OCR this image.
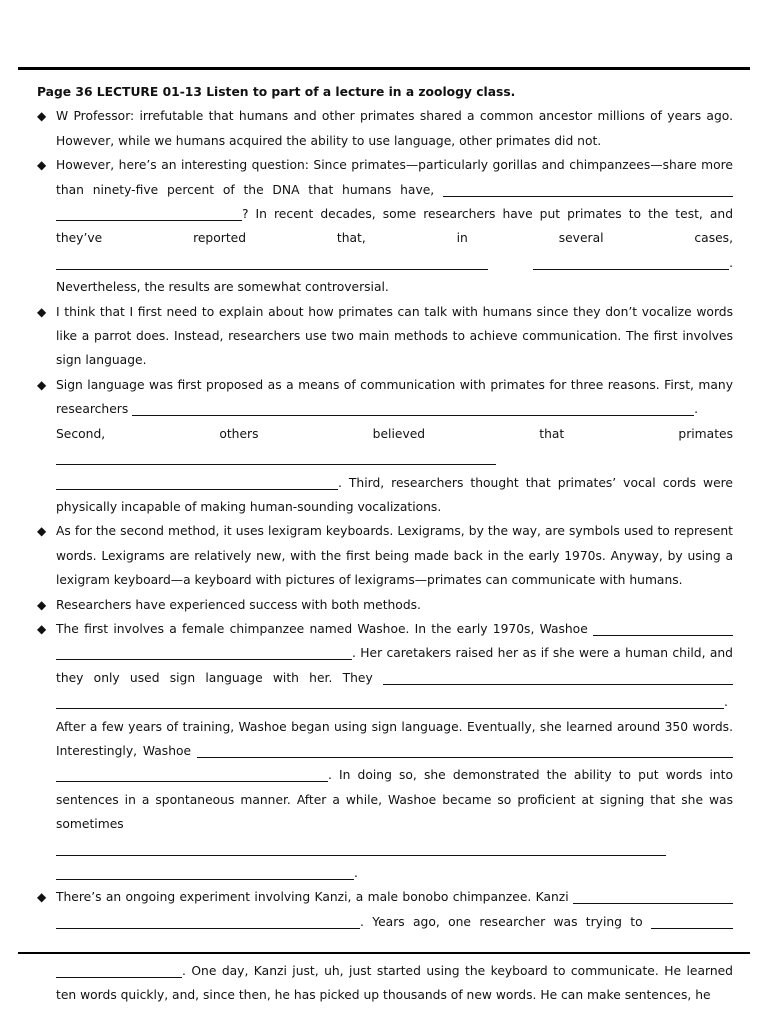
Page 36 LECTURE 01-13 Listen to part of a lecture in a zoology class.
◆ W Professor: irrefutable that humans and other primates shared a common ancestor millions of years ago. However, while we humans acquired the ability to use language, other primates did not.
◆ However, here’s an interesting question: Since primates—particularly gorillas and chimpanzees—share more than ninety-five percent of the DNA that humans have,  ? In recent decades, some researchers have put primates to the test, and they’ve reported that, in several cases,  . Nevertheless, the results are somewhat controversial.
◆ I think that I first need to explain about how primates can talk with humans since they don’t vocalize words like a parrot does. Instead, researchers use two main methods to achieve communication. The first involves sign language.
◆ Sign language was first proposed as a means of communication with primates for three reasons. First, many researchers	.
Second, others believed that primates  . Third, researchers thought that primates’ vocal cords were physically incapable of making human-sounding vocalizations.
◆ As for the second method, it uses lexigram keyboards. Lexigrams, by the way, are symbols used to represent words. Lexigrams are relatively new, with the first being made back in the early 1970s. Anyway, by using a lexigram keyboard—a keyboard with pictures of lexigrams—primates can communicate with humans.
◆ Researchers have experienced success with both methods.
◆ The first involves a female chimpanzee named Washoe. In the early 1970s, Washoe  . Her caretakers raised her as if she were a human child, and they only used sign language with her. They  .
After a few years of training, Washoe began using sign language. Eventually, she learned around 350 words. Interestingly, Washoe  . In doing so, she demonstrated the ability to put words into sentences in a spontaneous manner. After a while, Washoe became so proficient at signing that she was sometimes .
◆ There’s an ongoing experiment involving Kanzi, a male bonobo chimpanzee. Kanzi  . Years ago, one researcher was trying to   . One day, Kanzi just, uh, just started using the keyboard to communicate. He learned ten words quickly, and, since then, he has picked up thousands of new words. He can make sentences, he
